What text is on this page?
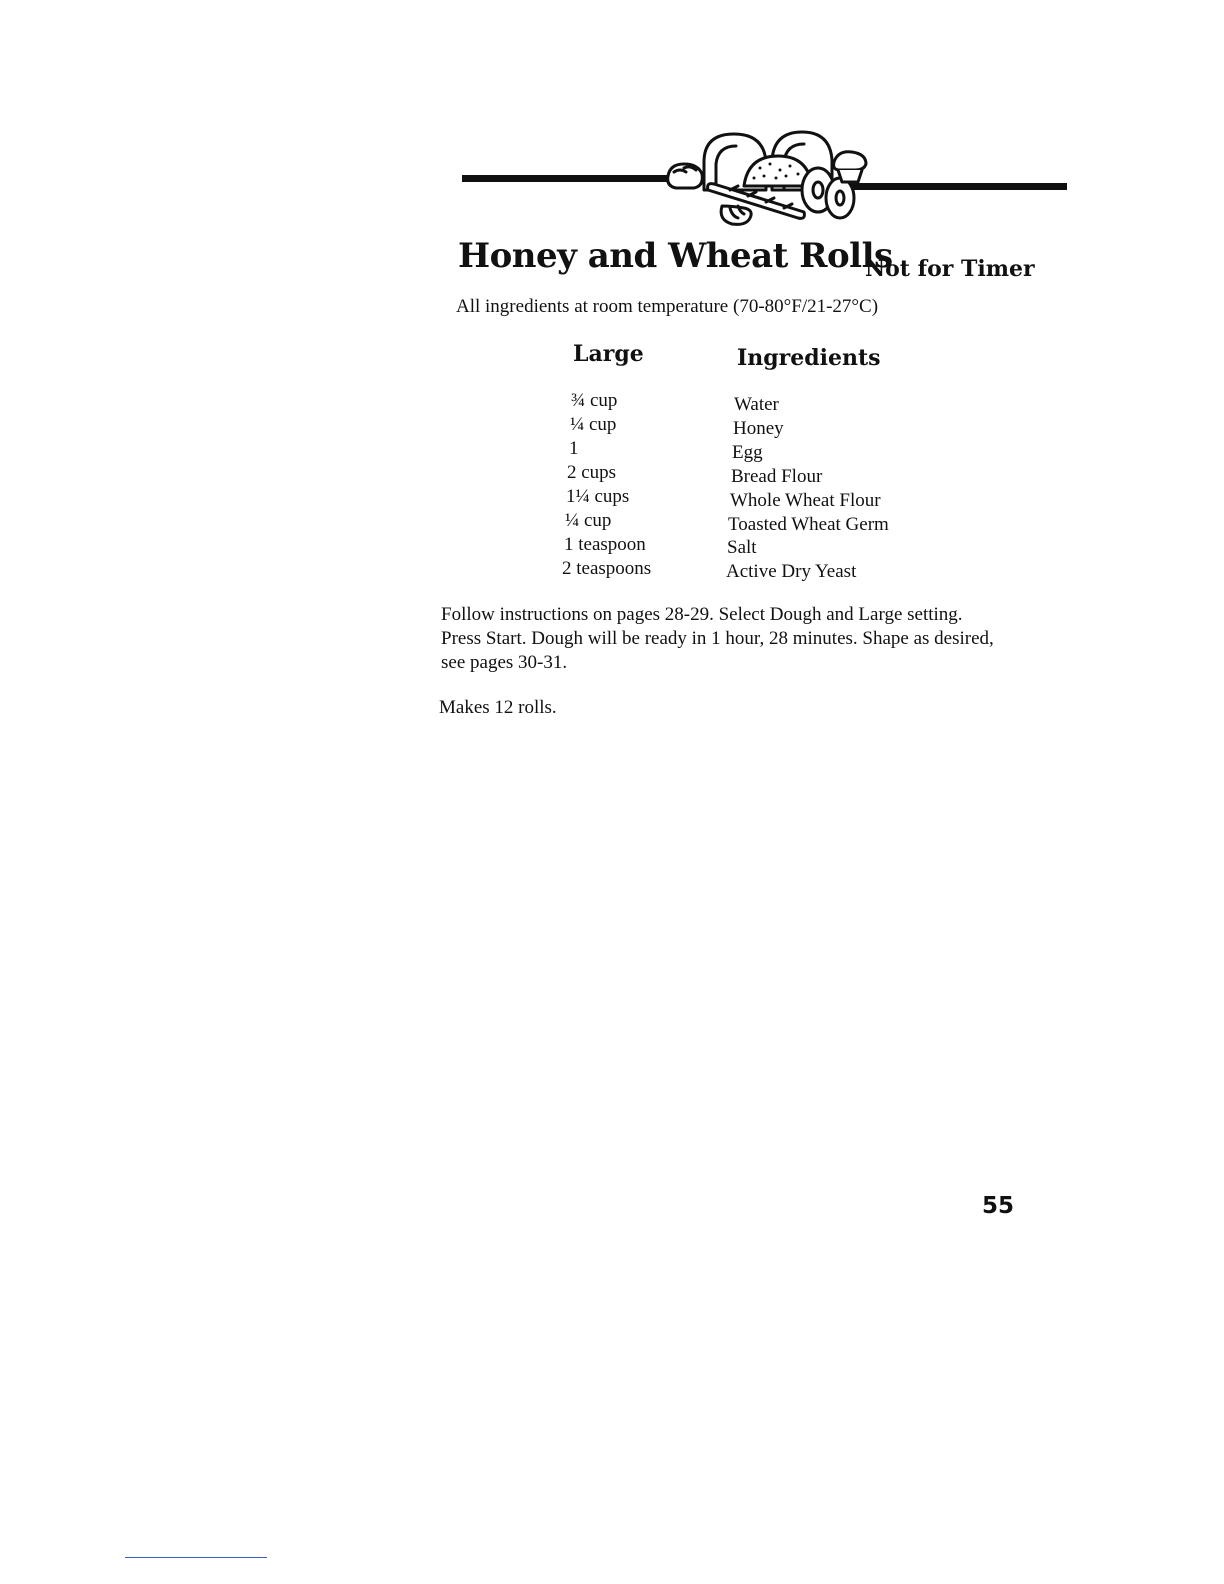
Honey and Wheat Rolls
Not for Timer
All ingredients at room temperature (70-80°F/21-27°C)
Large	Ingredients
¾ cup	Water
¼ cup	Honey
1	Egg
2 cups	Bread Flour
1¼ cups	Whole Wheat Flour
¼ cup	Toasted Wheat Germ
1 teaspoon	Salt
2 teaspoons	Active Dry Yeast
Follow instructions on pages 28-29. Select Dough and Large setting. Press Start. Dough will be ready in 1 hour, 28 minutes. Shape as desired, see pages 30-31.
Makes 12 rolls.
55
